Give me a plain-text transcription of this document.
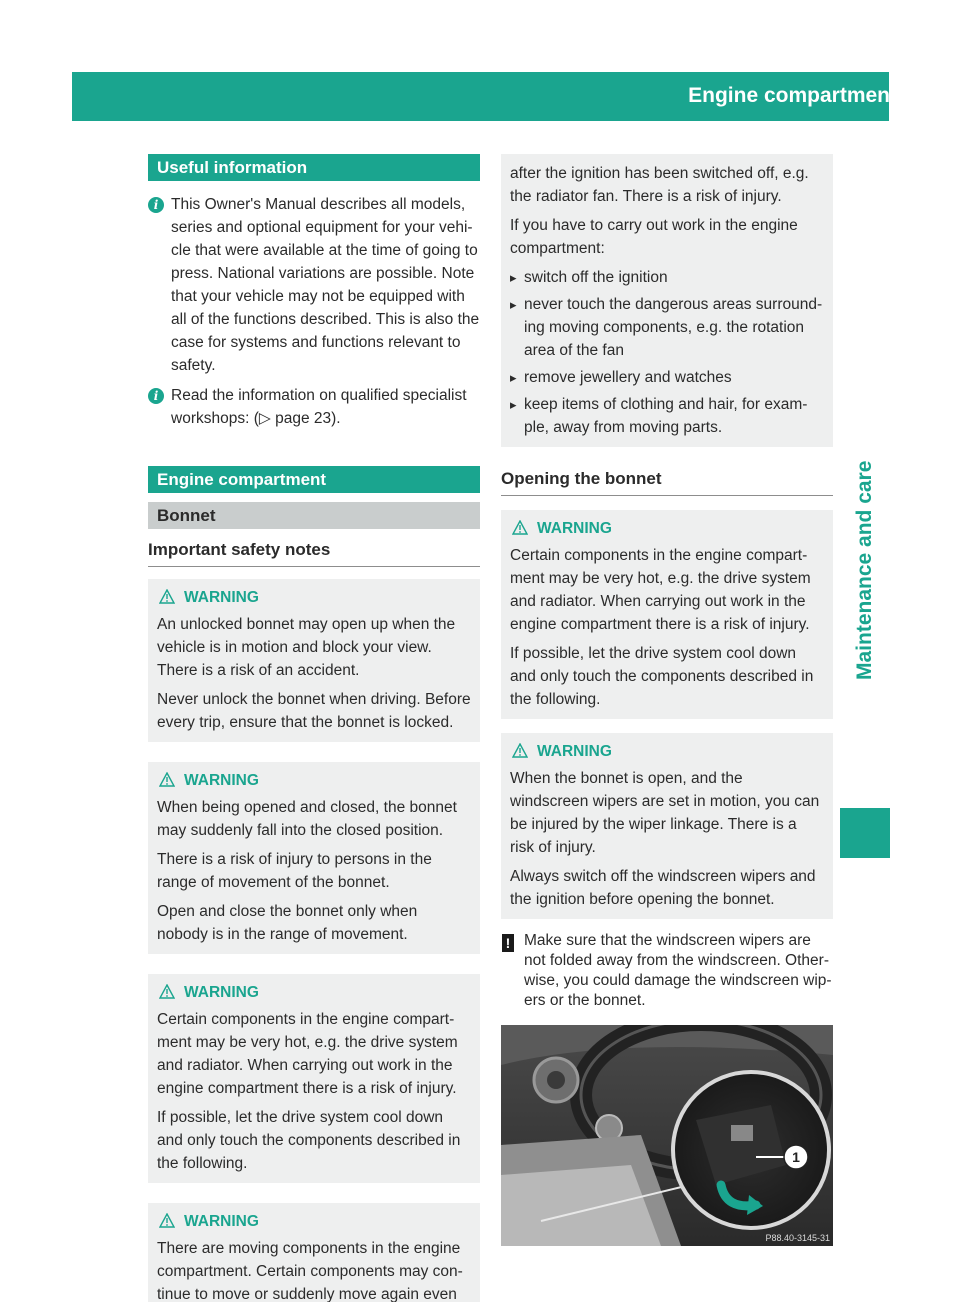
Engine compartment 239
Maintenance and care
Useful information
i This Owner's Manual describes all models, series and optional equipment for your vehi-cle that were available at the time of going to press. National variations are possible. Note that your vehicle may not be equipped with all of the functions described. This is also the case for systems and functions relevant to safety.
i Read the information on qualified specialist workshops: (▷ page 23).
Engine compartment
Bonnet
Important safety notes
WARNING

An unlocked bonnet may open up when the vehicle is in motion and block your view. There is a risk of an accident.

Never unlock the bonnet when driving. Before every trip, ensure that the bonnet is locked.

WARNING

When being opened and closed, the bonnet may suddenly fall into the closed position.

There is a risk of injury to persons in the range of movement of the bonnet.

Open and close the bonnet only when nobody is in the range of movement.

WARNING

Certain components in the engine compart-ment may be very hot, e.g. the drive system and radiator. When carrying out work in the engine compartment there is a risk of injury.

If possible, let the drive system cool down and only touch the components described in the following.

WARNING

There are moving components in the engine compartment. Certain components may con-tinue to move or suddenly move again even

after the ignition has been switched off, e.g. the radiator fan. There is a risk of injury.

If you have to carry out work in the engine compartment:

▸ switch off the ignition
▸ never touch the dangerous areas surround-ing moving components, e.g. the rotation area of the fan
▸ remove jewellery and watches
▸ keep items of clothing and hair, for exam-ple, away from moving parts.
Opening the bonnet
WARNING

Certain components in the engine compart-ment may be very hot, e.g. the drive system and radiator. When carrying out work in the engine compartment there is a risk of injury.

If possible, let the drive system cool down and only touch the components described in the following.

WARNING

When the bonnet is open, and the windscreen wipers are set in motion, you can be injured by the wiper linkage. There is a risk of injury.

Always switch off the windscreen wipers and the ignition before opening the bonnet.

! Make sure that the windscreen wipers are not folded away from the windscreen. Other-wise, you could damage the windscreen wip-ers or the bonnet.
1
P88.40-3145-31
